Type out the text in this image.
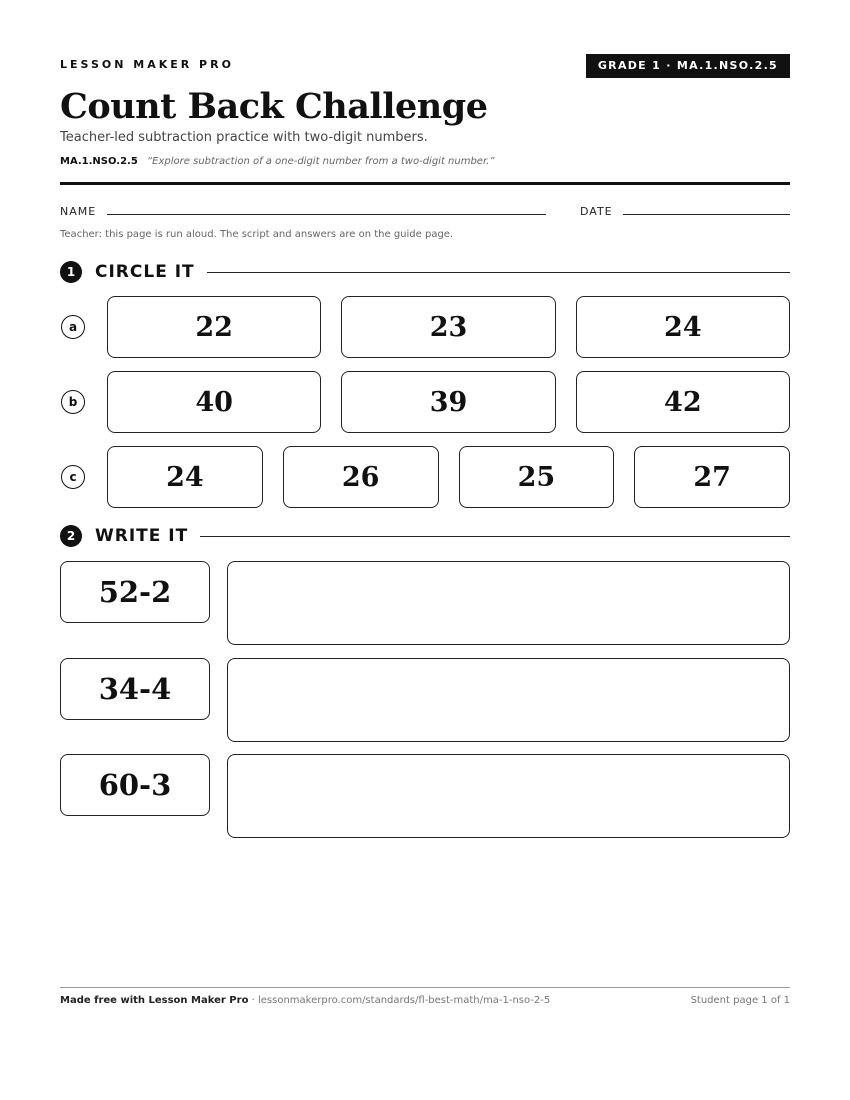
LESSON MAKER PRO	GRADE 1 · MA.1.NSO.2.5
Count Back Challenge
Teacher-led subtraction practice with two-digit numbers.
MA.1.NSO.2.5 “Explore subtraction of a one-digit number from a two-digit number.”
NAME	DATE
Teacher: this page is run aloud. The script and answers are on the guide page.
1	CIRCLE IT
a	22	23	24
b	40	39	42
c	24	26	25	27
2	WRITE IT
52-2
34-4
60-3
Made free with Lesson Maker Pro · lessonmakerpro.com/standards/fl-best-math/ma-1-nso-2-5	Student page 1 of 1
